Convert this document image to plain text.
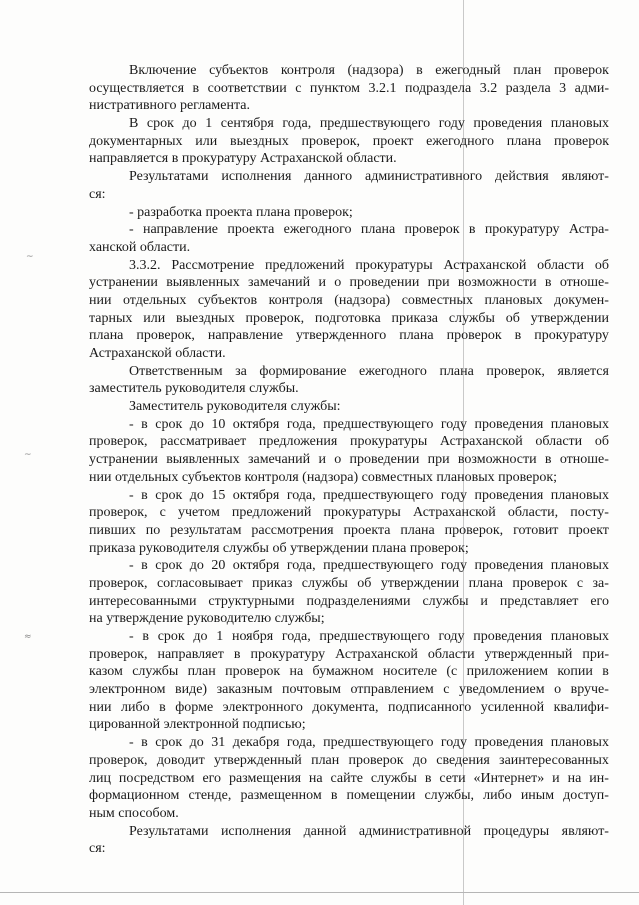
~
~
≈
Включение субъектов контроля (надзора) в ежегодный план проверок
осуществляется в соответствии с пунктом 3.2.1 подраздела 3.2 раздела 3 адми-
нистративного регламента.
В срок до 1 сентября года, предшествующего году проведения плановых
документарных или выездных проверок, проект ежегодного плана проверок
направляется в прокуратуру Астраханской области.
Результатами исполнения данного административного действия являют-
ся:
- разработка проекта плана проверок;
- направление проекта ежегодного плана проверок в прокуратуру Астра-
ханской области.
3.3.2. Рассмотрение предложений прокуратуры Астраханской области об
устранении выявленных замечаний и о проведении при возможности в отноше-
нии отдельных субъектов контроля (надзора) совместных плановых докумен-
тарных или выездных проверок, подготовка приказа службы об утверждении
плана проверок, направление утвержденного плана проверок в прокуратуру
Астраханской области.
Ответственным за формирование ежегодного плана проверок, является
заместитель руководителя службы.
Заместитель руководителя службы:
- в срок до 10 октября года, предшествующего году проведения плановых
проверок, рассматривает предложения прокуратуры Астраханской области об
устранении выявленных замечаний и о проведении при возможности в отноше-
нии отдельных субъектов контроля (надзора) совместных плановых проверок;
- в срок до 15 октября года, предшествующего году проведения плановых
проверок, с учетом предложений прокуратуры Астраханской области, посту-
пивших по результатам рассмотрения проекта плана проверок, готовит проект
приказа руководителя службы об утверждении плана проверок;
- в срок до 20 октября года, предшествующего году проведения плановых
проверок, согласовывает приказ службы об утверждении плана проверок с за-
интересованными структурными подразделениями службы и представляет его
на утверждение руководителю службы;
- в срок до 1 ноября года, предшествующего году проведения плановых
проверок, направляет в прокуратуру Астраханской области утвержденный при-
казом службы план проверок на бумажном носителе (с приложением копии в
электронном виде) заказным почтовым отправлением с уведомлением о вруче-
нии либо в форме электронного документа, подписанного усиленной квалифи-
цированной электронной подписью;
- в срок до 31 декабря года, предшествующего году проведения плановых
проверок, доводит утвержденный план проверок до сведения заинтересованных
лиц посредством его размещения на сайте службы в сети «Интернет» и на ин-
формационном стенде, размещенном в помещении службы, либо иным доступ-
ным способом.
Результатами исполнения данной административной процедуры являют-
ся:
